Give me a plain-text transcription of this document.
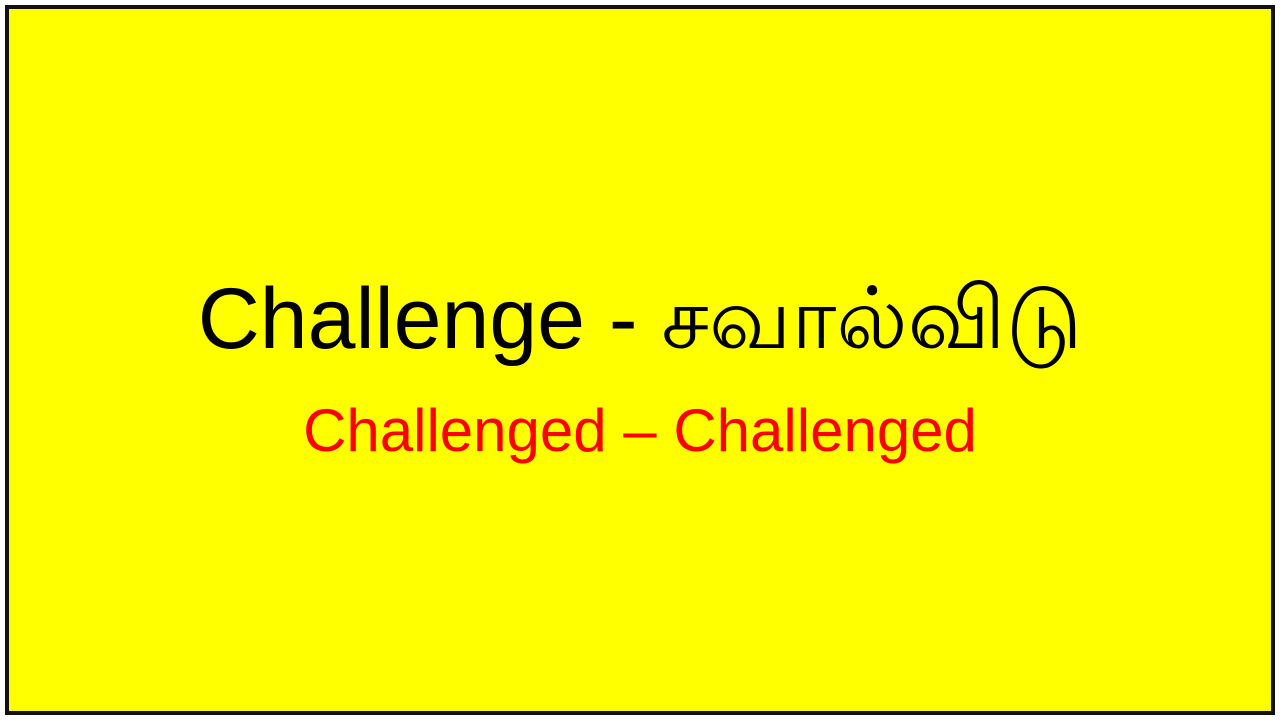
Challenge - சவால்விடு
Challenged – Challenged
